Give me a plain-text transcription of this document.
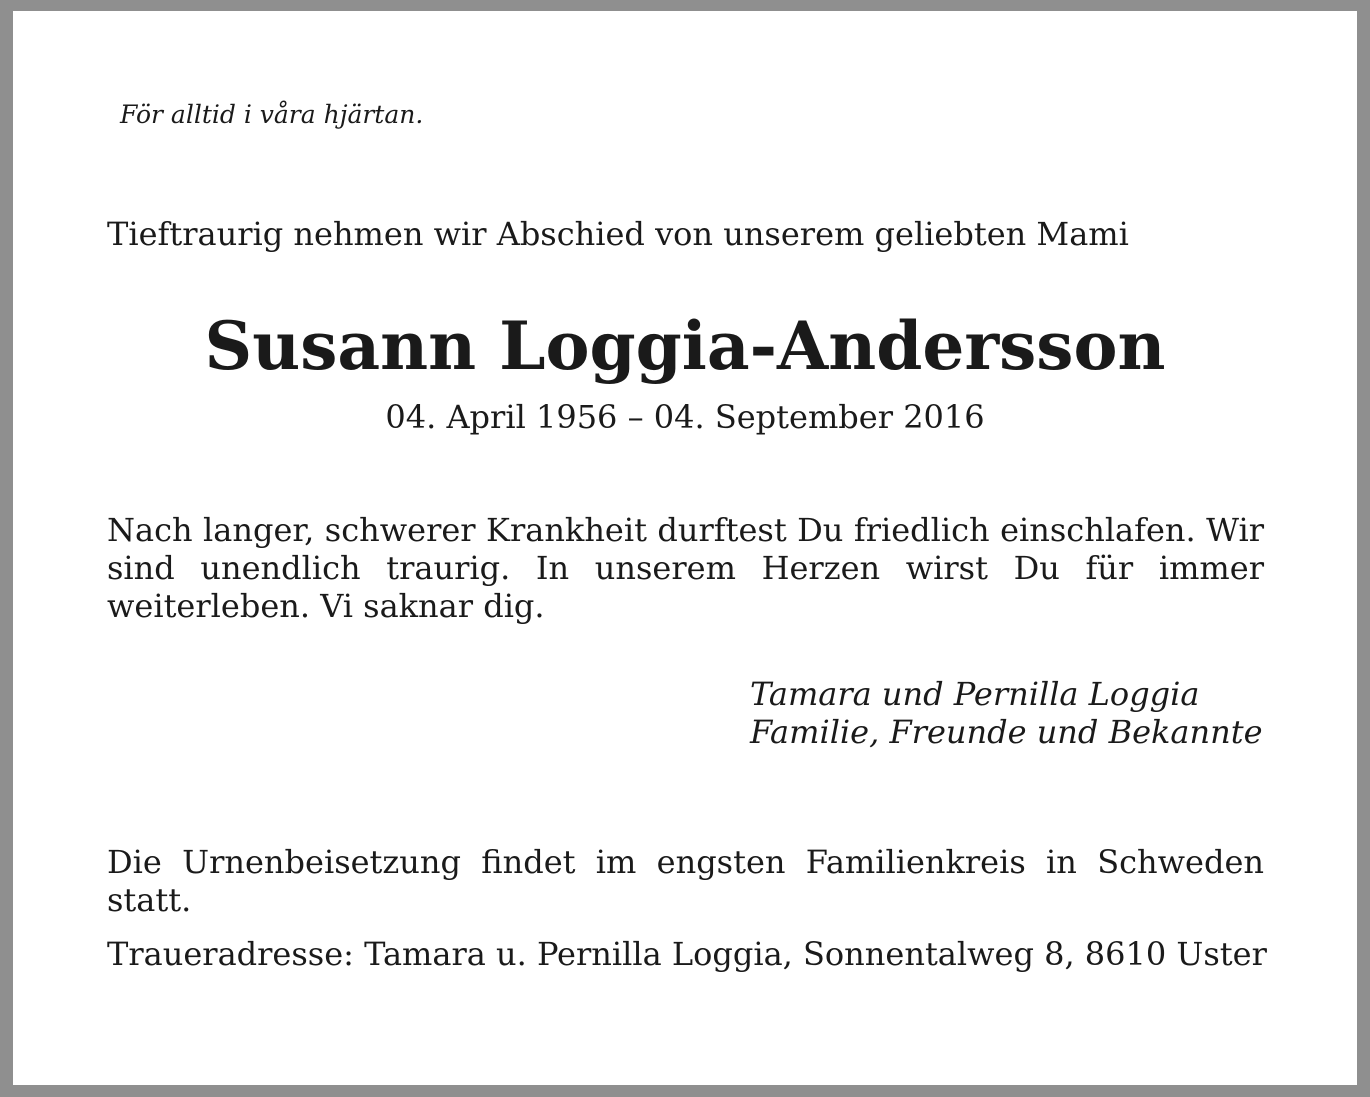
För alltid i våra hjärtan.
Tieftraurig nehmen wir Abschied von unserem geliebten Mami
Susann Loggia-Andersson
04. April 1956 – 04. September 2016
Nach langer, schwerer Krankheit durftest Du friedlich einschlafen. Wir sind unendlich traurig. In unserem Herzen wirst Du für immer weiterleben. Vi saknar dig.
Tamara und Pernilla Loggia
Familie, Freunde und Bekannte
Die Urnenbeisetzung findet im engsten Familienkreis in Schweden statt.
Traueradresse: Tamara u. Pernilla Loggia, Sonnentalweg 8, 8610 Uster
